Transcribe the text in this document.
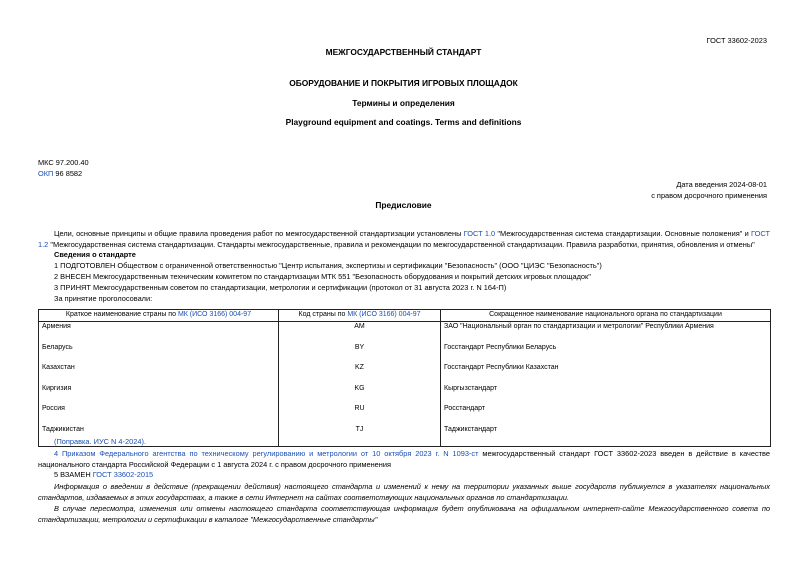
ГОСТ 33602-2023
МЕЖГОСУДАРСТВЕННЫЙ СТАНДАРТ
ОБОРУДОВАНИЕ И ПОКРЫТИЯ ИГРОВЫХ ПЛОЩАДОК
Термины и определения
Playground equipment and coatings. Terms and definitions
МКС 97.200.40
ОКП 96 8582
Дата введения 2024-08-01
с правом досрочного применения
Предисловие
Цели, основные принципы и общие правила проведения работ по межгосударственной стандартизации установлены ГОСТ 1.0 "Межгосударственная система стандартизации. Основные положения" и ГОСТ 1.2 "Межгосударственная система стандартизации. Стандарты межгосударственные, правила и рекомендации по межгосударственной стандартизации. Правила разработки, принятия, обновления и отмены"
Сведения о стандарте
1 ПОДГОТОВЛЕН Обществом с ограниченной ответственностью "Центр испытания, экспертизы и сертификации "Безопасность" (ООО "ЦИЭС "Безопасность")
2 ВНЕСЕН Межгосударственным техническим комитетом по стандартизации МТК 551 "Безопасность оборудования и покрытий детских игровых площадок"
3 ПРИНЯТ Межгосударственным советом по стандартизации, метрологии и сертификации (протокол от 31 августа 2023 г. N 164-П)
За принятие проголосовали:
Краткое наименование страны по МК (ИСО 3166) 004-97	Код страны по МК (ИСО 3166) 004-97	Сокращенное наименование национального органа по стандартизации
Армения	AM	ЗАО "Национальный орган по стандартизации и метрологии" Республики Армения
Беларусь	BY	Госстандарт Республики Беларусь
Казахстан	KZ	Госстандарт Республики Казахстан
Киргизия	KG	Кыргызстандарт
Россия	RU	Росстандарт
Таджикистан	TJ	Таджикстандарт
(Поправка. ИУС N 4-2024).
4 Приказом Федерального агентства по техническому регулированию и метрологии от 10 октября 2023 г. N 1093-ст межгосударственный стандарт ГОСТ 33602-2023 введен в действие в качестве национального стандарта Российской Федерации с 1 августа 2024 г. с правом досрочного применения
5 ВЗАМЕН ГОСТ 33602-2015
Информация о введении в действие (прекращении действия) настоящего стандарта и изменений к нему на территории указанных выше государств публикуется в указателях национальных стандартов, издаваемых в этих государствах, а также в сети Интернет на сайтах соответствующих национальных органов по стандартизации.
В случае пересмотра, изменения или отмены настоящего стандарта соответствующая информация будет опубликована на официальном интернет-сайте Межгосударственного совета по стандартизации, метрологии и сертификации в каталоге "Межгосударственные стандарты"
